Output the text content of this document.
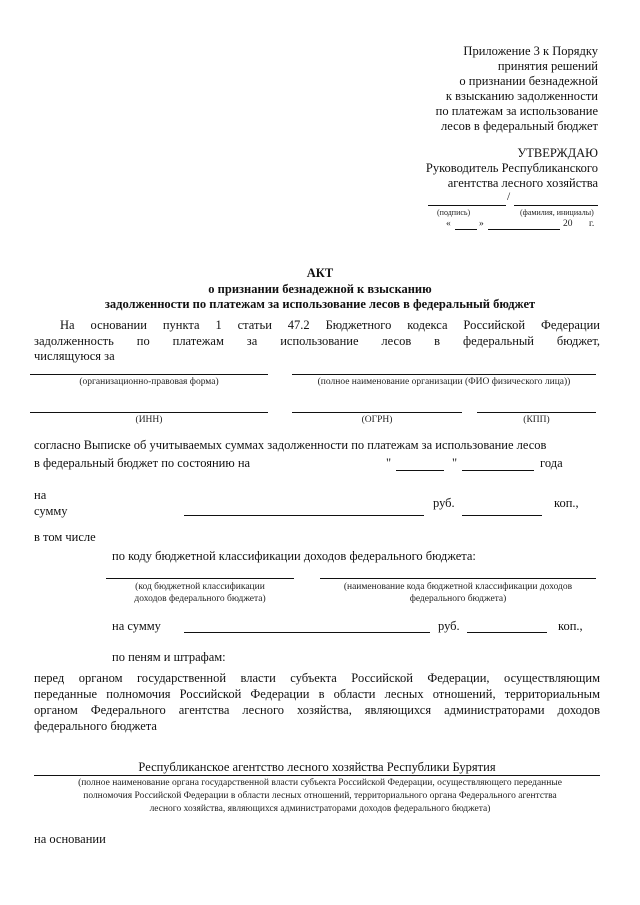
Приложение 3 к Порядку
принятия решений
о признании безнадежной
к взысканию задолженности
по платежам за использование
лесов в федеральный бюджет
УТВЕРЖДАЮ
Руководитель Республиканского
агентства лесного хозяйства
/
(подпись)	(фамилия, инициалы)
«	»	20 г.
АКТ
о признании безнадежной к взысканию
задолженности по платежам за использование лесов в федеральный бюджет
На основании пункта 1 статьи 47.2 Бюджетного кодекса Российской Федерации
задолженность по платежам за использование лесов в федеральный бюджет,
числящуюся за
(организационно-правовая форма)	(полное наименование организации (ФИО физического лица))
(ИНН)	(ОГРН)	(КПП)
согласно Выписке об учитываемых суммах задолженности по платежам за использование лесов
в федеральный бюджет по состоянию на	"	"	года
на
сумму
руб.	коп.,
в том числе
по коду бюджетной классификации доходов федерального бюджета:
(код бюджетной классификации
доходов федерального бюджета)
(наименование кода бюджетной классификации доходов
федерального бюджета)
на сумму	руб.	коп.,
по пеням и штрафам:
перед органом государственной власти субъекта Российской Федерации, осуществляющим
переданные полномочия Российской Федерации в области лесных отношений, территориальным
органом Федерального агентства лесного хозяйства, являющихся администраторами доходов
федерального бюджета
Республиканское агентство лесного хозяйства Республики Бурятия
(полное наименование органа государственной власти субъекта Российской Федерации, осуществляющего переданные
полномочия Российской Федерации в области лесных отношений, территориального органа Федерального агентства
лесного хозяйства, являющихся администраторами доходов федерального бюджета)
на основании
